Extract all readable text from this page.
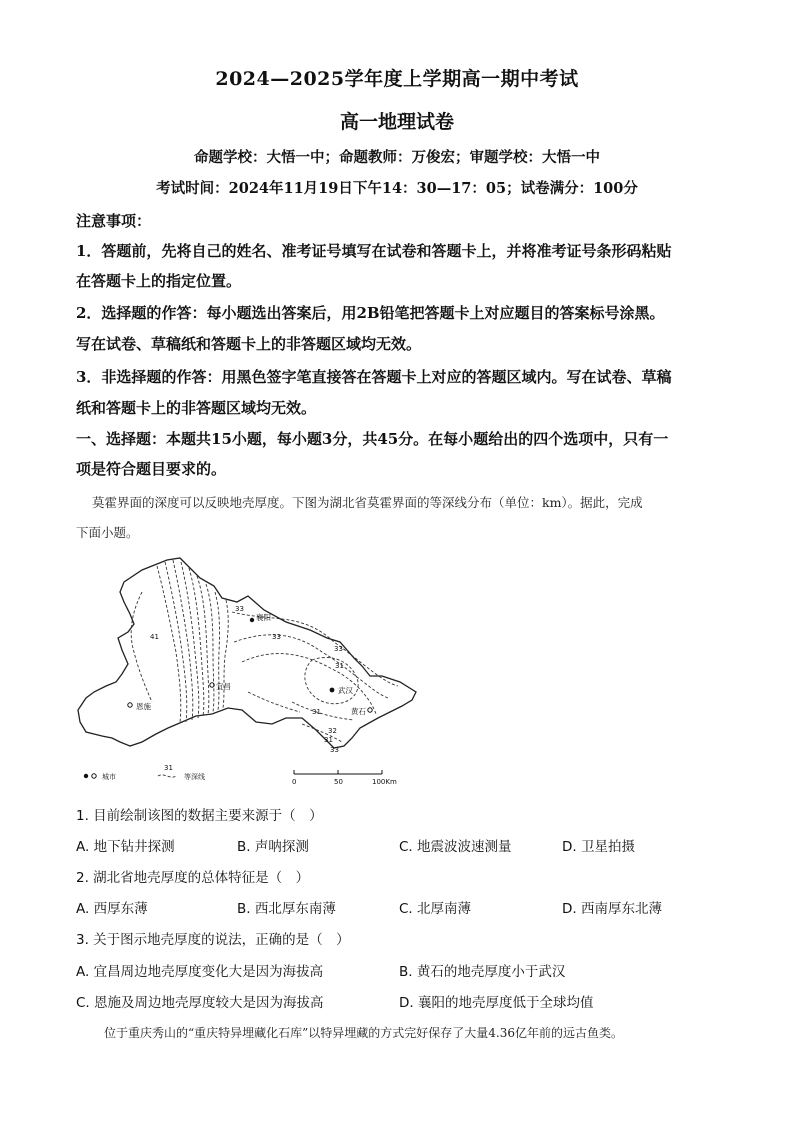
2024—2025学年度上学期高一期中考试
高一地理试卷
命题学校：大悟一中；命题教师：万俊宏；审题学校：大悟一中
考试时间：2024年11月19日下午14：30—17：05；试卷满分：100分
注意事项：
1．答题前，先将自己的姓名、准考证号填写在试卷和答题卡上，并将准考证号条形码粘贴
在答题卡上的指定位置。
2．选择题的作答：每小题选出答案后，用2B铅笔把答题卡上对应题目的答案标号涂黑。
写在试卷、草稿纸和答题卡上的非答题区域均无效。
3．非选择题的作答：用黑色签字笔直接答在答题卡上对应的答题区域内。写在试卷、草稿
纸和答题卡上的非答题区域均无效。
一、选择题：本题共15小题，每小题3分，共45分。在每小题给出的四个选项中，只有一
项是符合题目要求的。
莫霍界面的深度可以反映地壳厚度。下图为湖北省莫霍界面的等深线分布（单位：km）。据此，完成
下面小题。
33
41	33
33
31
31
31
32
33
襄阳
宜昌
恩施
武汉
黄石
城市
31
等深线
0	50	100Km
1. 目前绘制该图的数据主要来源于（　）
A. 地下钻井探测	B. 声呐探测	C. 地震波波速测量	D. 卫星拍摄
2. 湖北省地壳厚度的总体特征是（　）
A. 西厚东薄	B. 西北厚东南薄	C. 北厚南薄	D. 西南厚东北薄
3. 关于图示地壳厚度的说法，正确的是（　）
A. 宜昌周边地壳厚度变化大是因为海拔高	B. 黄石的地壳厚度小于武汉
C. 恩施及周边地壳厚度较大是因为海拔高	D. 襄阳的地壳厚度低于全球均值
位于重庆秀山的“重庆特异埋藏化石库”以特异埋藏的方式完好保存了大量4.36亿年前的远古鱼类。
